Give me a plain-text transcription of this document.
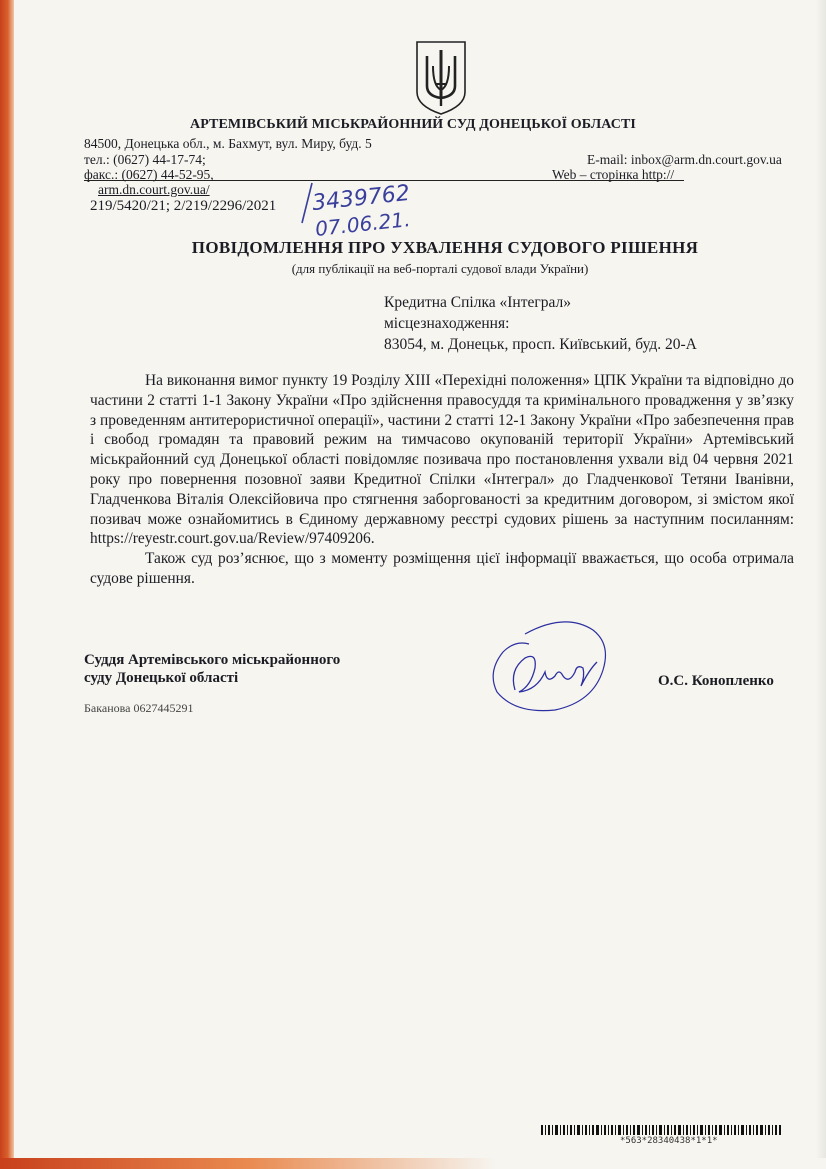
АРТЕМІВСЬКИЙ МІСЬКРАЙОННИЙ СУД ДОНЕЦЬКОЇ ОБЛАСТІ
84500, Донецька обл., м. Бахмут, вул. Миру, буд. 5
тел.: (0627) 44-17-74;
факс.: (0627) 44-52-95,
E-mail: inbox@arm.dn.court.gov.ua
Web – сторінка http://
arm.dn.court.gov.ua/
219/5420/21; 2/219/2296/2021 3439762
07.06.21.
ПОВІДОМЛЕННЯ ПРО УХВАЛЕННЯ СУДОВОГО РІШЕННЯ
(для публікації на веб-порталі судової влади України)
Кредитна Спілка «Інтеграл»
місцезнаходження:
83054, м. Донецьк, просп. Київський, буд. 20-А

На виконання вимог пункту 19 Розділу XIII «Перехідні положення» ЦПК України та відповідно до частини 2 статті 1-1 Закону України «Про здійснення правосуддя та кримінального провадження у зв’язку з проведенням антитерористичної операції», частини 2 статті 12-1 Закону України «Про забезпечення прав і свобод громадян та правовий режим на тимчасово окупованій території України» Артемівський міськрайонний суд Донецької області повідомляє позивача про постановлення ухвали від 04 червня 2021 року про повернення позовної заяви Кредитної Спілки «Інтеграл» до Гладченкової Тетяни Іванівни, Гладченкова Віталія Олексійовича про стягнення заборгованості за кредитним договором, зі змістом якої позивач може ознайомитись в Єдиному державному реєстрі судових рішень за наступним посиланням: https://reyestr.court.gov.ua/Review/97409206.

Також суд роз’яснює, що з моменту розміщення цієї інформації вважається, що особа отримала судове рішення.

Суддя Артемівського міськрайонного
суду Донецької області	О.С. Конопленко
Баканова 0627445291
*563*28340438*1*1*
